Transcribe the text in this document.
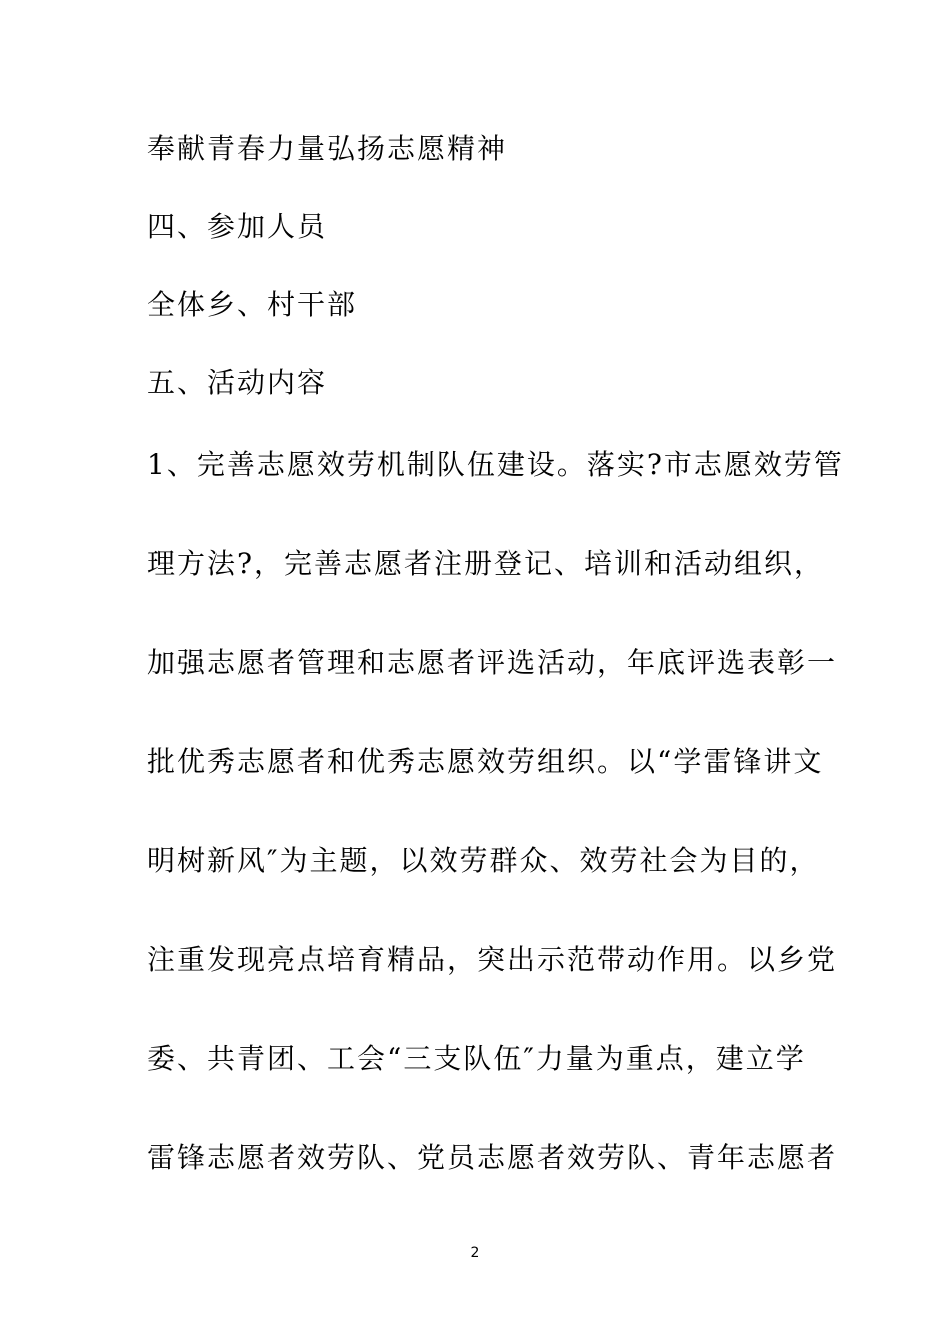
奉献青春力量弘扬志愿精神
四、参加人员
全体乡、村干部
五、活动内容
1、完善志愿效劳机制队伍建设。落实?市志愿效劳管
理方法?，完善志愿者注册登记、培训和活动组织，
加强志愿者管理和志愿者评选活动，年底评选表彰一
批优秀志愿者和优秀志愿效劳组织。以“学雷锋讲文
明树新风″为主题，以效劳群众、效劳社会为目的，
注重发现亮点培育精品，突出示范带动作用。以乡党
委、共青团、工会“三支队伍″力量为重点，建立学
雷锋志愿者效劳队、党员志愿者效劳队、青年志愿者
2
